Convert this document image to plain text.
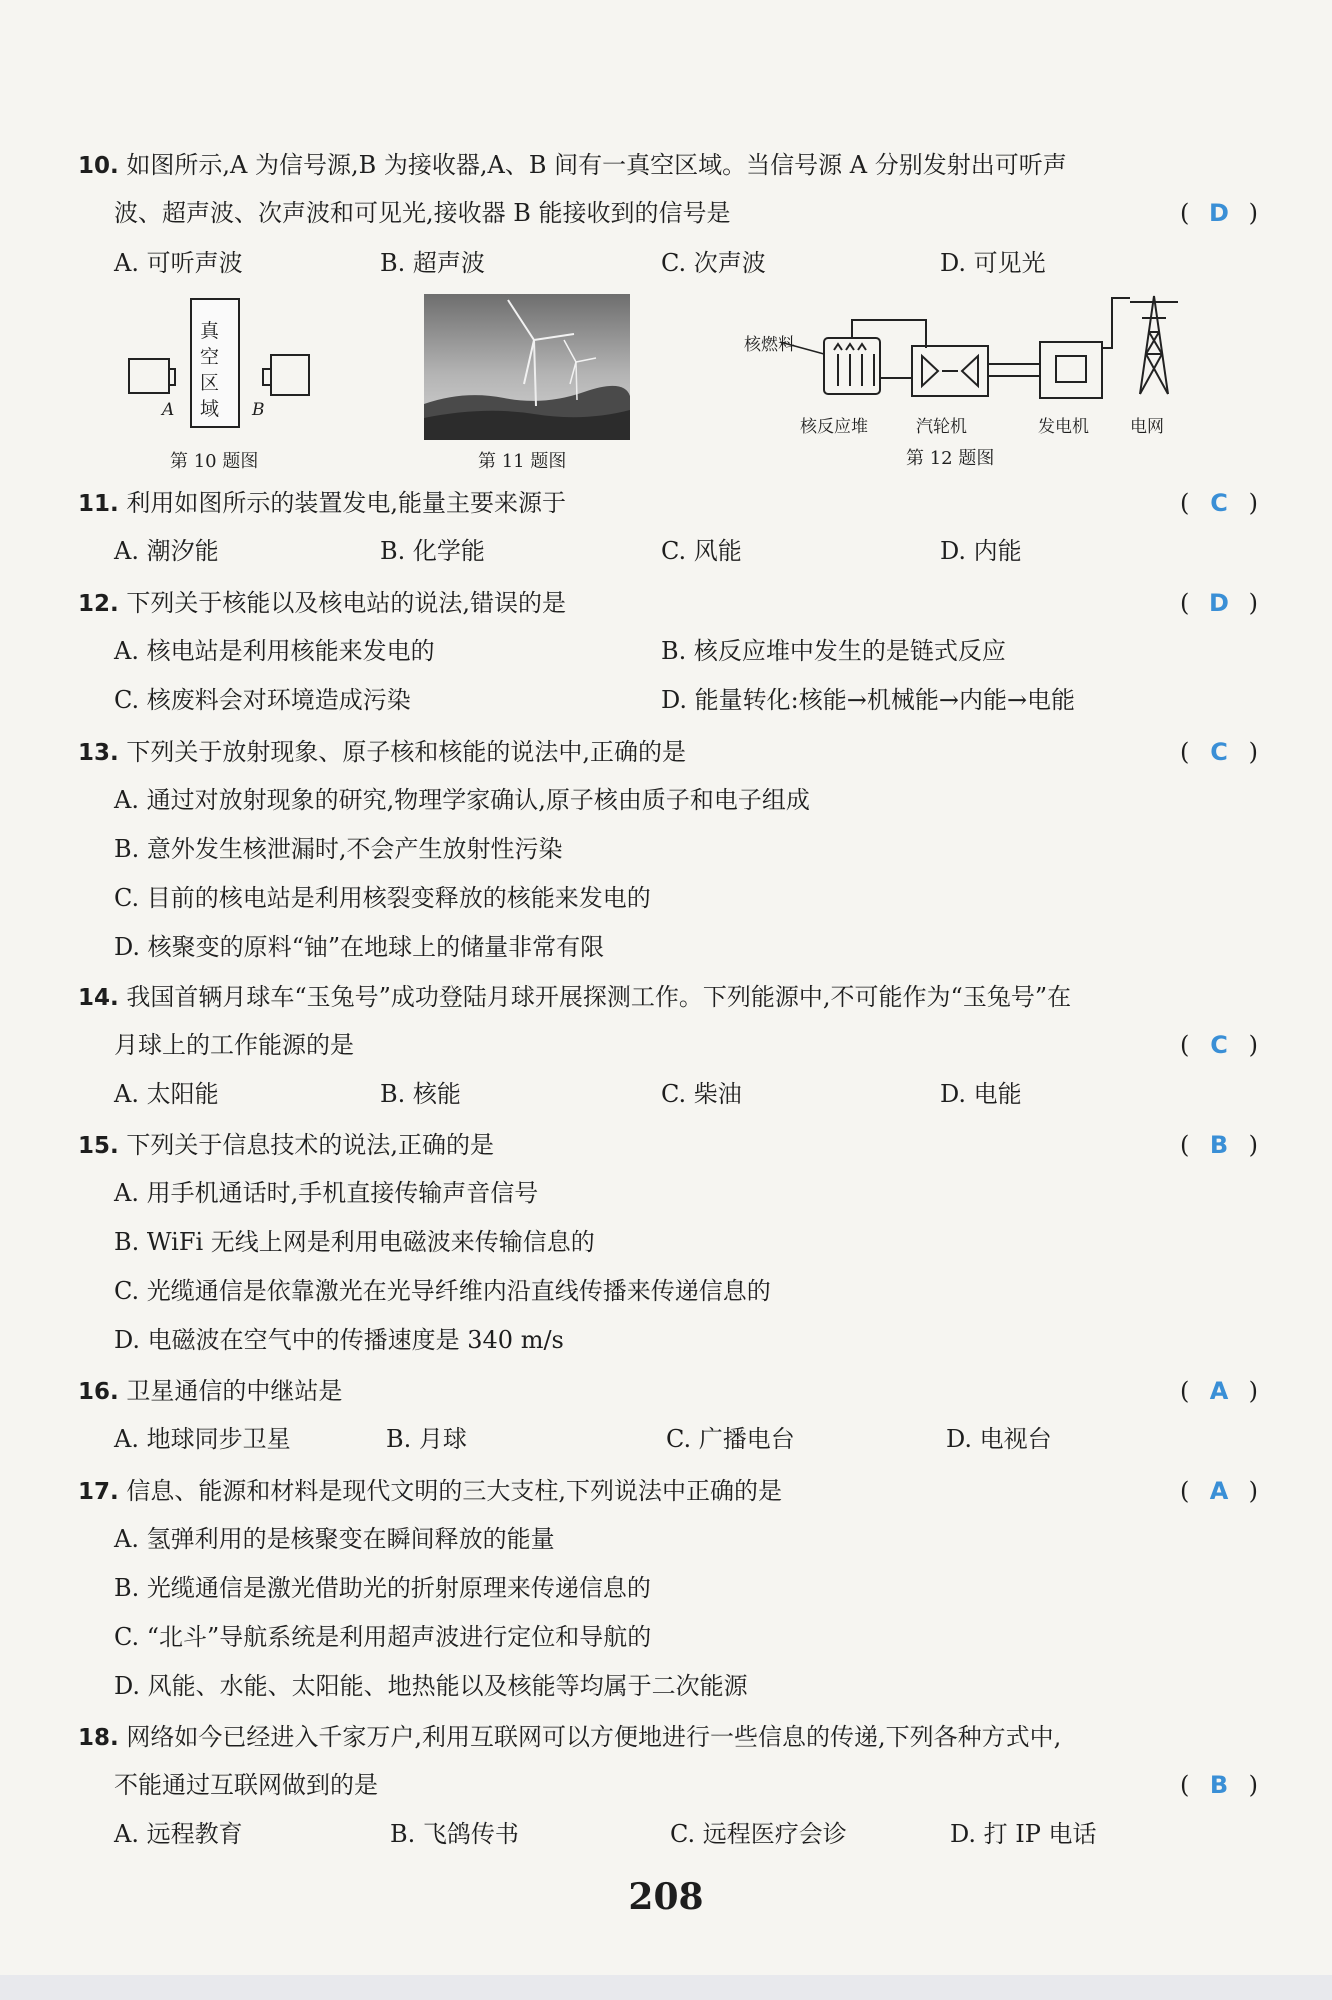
10. 如图所示,A 为信号源,B 为接收器,A、B 间有一真空区域。当信号源 A 分别发射出可听声
波、超声波、次声波和可见光,接收器 B 能接收到的信号是	( D )
A. 可听声波	B. 超声波	C. 次声波	D. 可见光
A
真空区域	B
第 10 题图	第 11 题图
核燃料
核反应堆	汽轮机	发电机 电网
第 12 题图
11. 利用如图所示的装置发电,能量主要来源于	( C )
A. 潮汐能	B. 化学能	C. 风能	D. 内能
12. 下列关于核能以及核电站的说法,错误的是	( D )
A. 核电站是利用核能来发电的	B. 核反应堆中发生的是链式反应
C. 核废料会对环境造成污染	D. 能量转化:核能→机械能→内能→电能
13. 下列关于放射现象、原子核和核能的说法中,正确的是	( C )
A. 通过对放射现象的研究,物理学家确认,原子核由质子和电子组成
B. 意外发生核泄漏时,不会产生放射性污染
C. 目前的核电站是利用核裂变释放的核能来发电的
D. 核聚变的原料“铀”在地球上的储量非常有限
14. 我国首辆月球车“玉兔号”成功登陆月球开展探测工作。下列能源中,不可能作为“玉兔号”在
月球上的工作能源的是	( C )
A. 太阳能	B. 核能	C. 柴油	D. 电能
15. 下列关于信息技术的说法,正确的是	( B )
A. 用手机通话时,手机直接传输声音信号
B. WiFi 无线上网是利用电磁波来传输信息的
C. 光缆通信是依靠激光在光导纤维内沿直线传播来传递信息的
D. 电磁波在空气中的传播速度是 340 m/s
16. 卫星通信的中继站是	( A )
A. 地球同步卫星	B. 月球	C. 广播电台	D. 电视台
17. 信息、能源和材料是现代文明的三大支柱,下列说法中正确的是	( A )
A. 氢弹利用的是核聚变在瞬间释放的能量
B. 光缆通信是激光借助光的折射原理来传递信息的
C. “北斗”导航系统是利用超声波进行定位和导航的
D. 风能、水能、太阳能、地热能以及核能等均属于二次能源
18. 网络如今已经进入千家万户,利用互联网可以方便地进行一些信息的传递,下列各种方式中,
不能通过互联网做到的是	( B )
A. 远程教育	B. 飞鸽传书	C. 远程医疗会诊	D. 打 IP 电话
208
